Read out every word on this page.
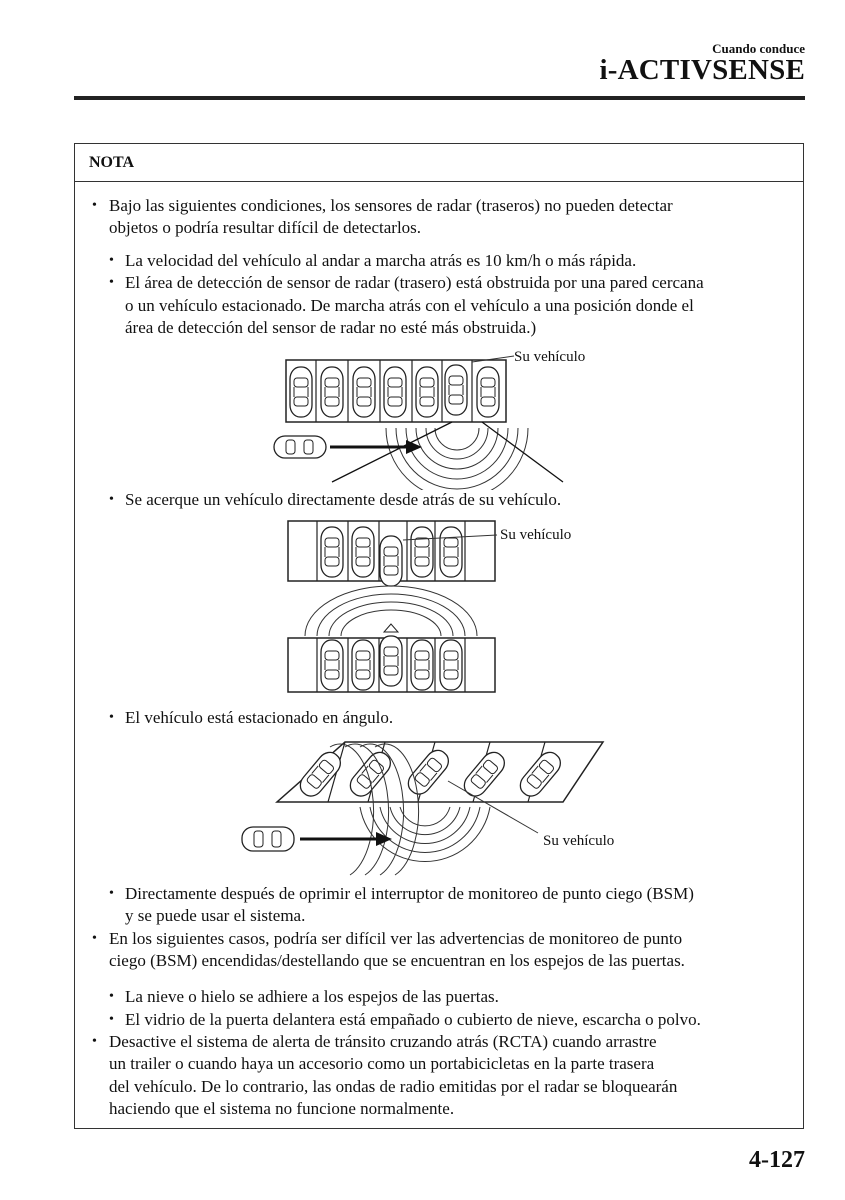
Cuando conduce
i-ACTIVSENSE
NOTA
• Bajo las siguientes condiciones, los sensores de radar (traseros) no pueden detectar
objetos o podría resultar difícil de detectarlos.
• La velocidad del vehículo al andar a marcha atrás es 10 km/h o más rápida.
• El área de detección de sensor de radar (trasero) está obstruida por una pared cercana
o un vehículo estacionado. De marcha atrás con el vehículo a una posición donde el
área de detección del sensor de radar no esté más obstruida.)
Su vehículo
• Se acerque un vehículo directamente desde atrás de su vehículo.
Su vehículo
• El vehículo está estacionado en ángulo.
Su vehículo
• Directamente después de oprimir el interruptor de monitoreo de punto ciego (BSM)
y se puede usar el sistema.
• En los siguientes casos, podría ser difícil ver las advertencias de monitoreo de punto
ciego (BSM) encendidas/destellando que se encuentran en los espejos de las puertas.
• La nieve o hielo se adhiere a los espejos de las puertas.
• El vidrio de la puerta delantera está empañado o cubierto de nieve, escarcha o polvo.
• Desactive el sistema de alerta de tránsito cruzando atrás (RCTA) cuando arrastre
un trailer o cuando haya un accesorio como un portabicicletas en la parte trasera
del vehículo. De lo contrario, las ondas de radio emitidas por el radar se bloquearán
haciendo que el sistema no funcione normalmente.
4-127
